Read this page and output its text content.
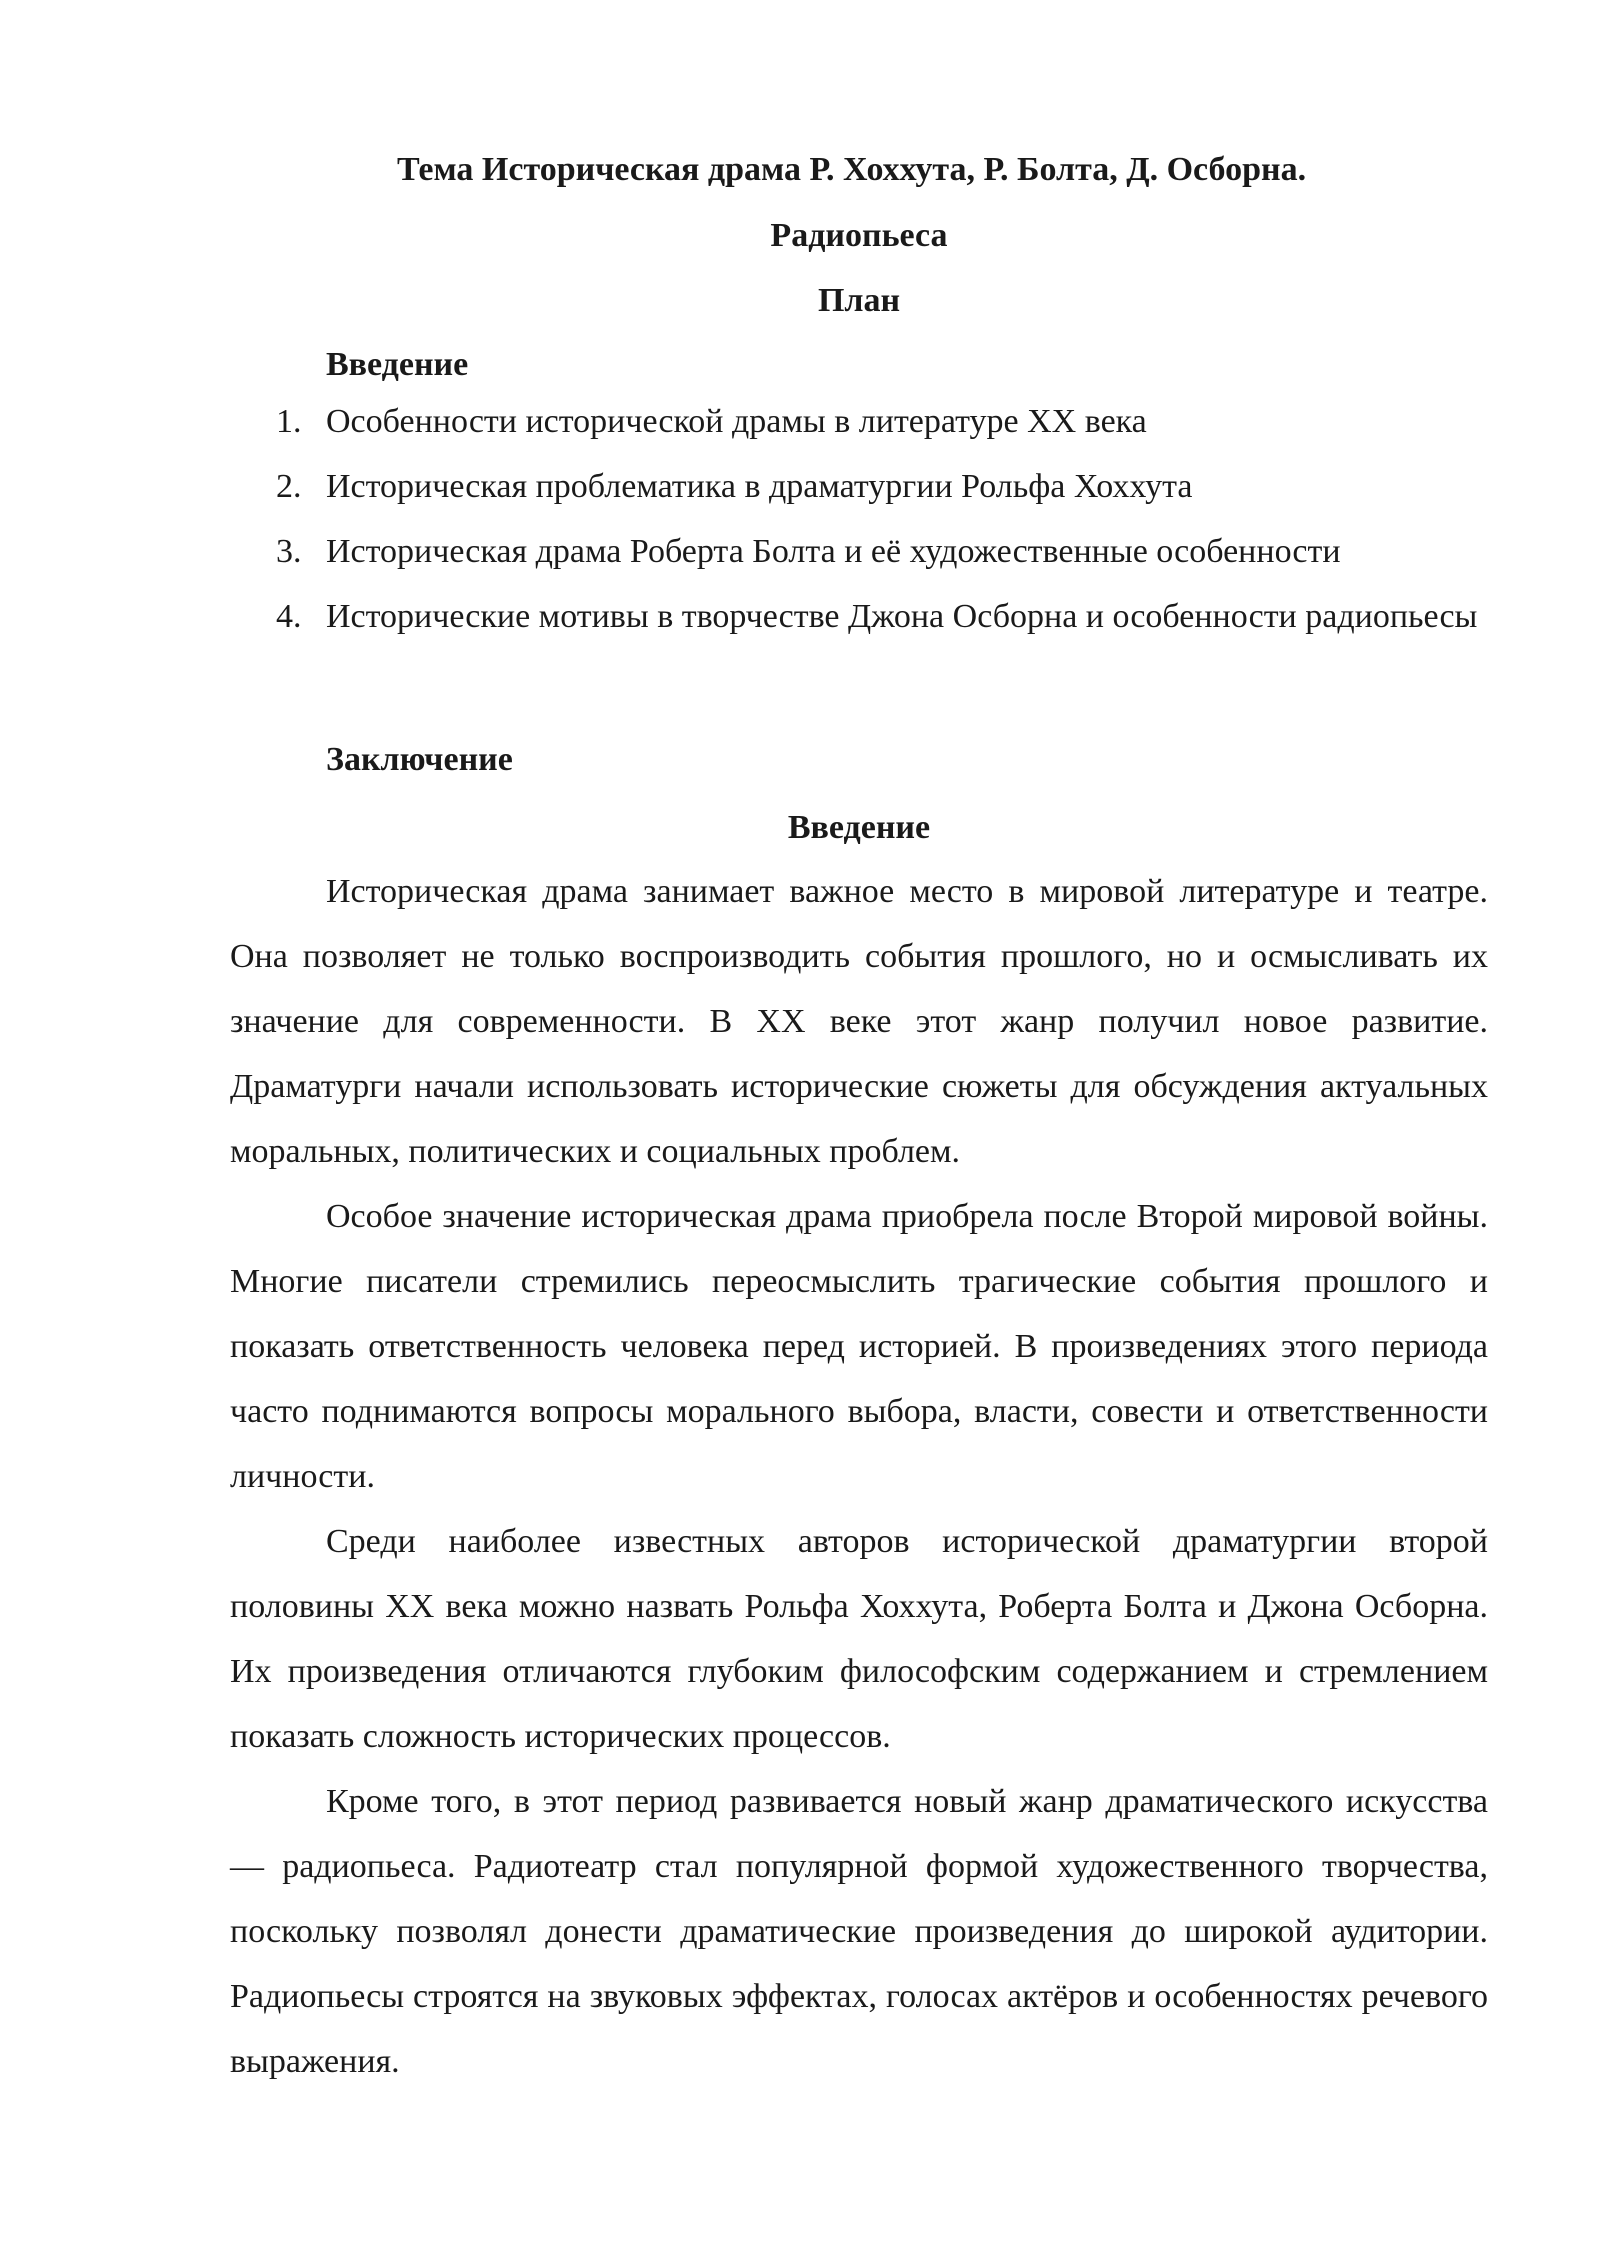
Тема Историческая драма Р. Хоххута, Р. Болта, Д. Осборна.
Радиопьеса
План
Введение
1. Особенности исторической драмы в литературе XX века
2. Историческая проблематика в драматургии Рольфа Хоххута
3. Историческая драма Роберта Болта и её художественные особенности
4. Исторические мотивы в творчестве Джона Осборна и особенности радиопьесы
Заключение
Введение

Историческая драма занимает важное место в мировой литературе и театре. Она позволяет не только воспроизводить события прошлого, но и осмысливать их значение для современности. В XX веке этот жанр получил новое развитие. Драматурги начали использовать исторические сюжеты для обсуждения актуальных моральных, политических и социальных проблем.

Особое значение историческая драма приобрела после Второй мировой войны. Многие писатели стремились переосмыслить трагические события прошлого и показать ответственность человека перед историей. В произведениях этого периода часто поднимаются вопросы морального выбора, власти, совести и ответственности личности.

Среди наиболее известных авторов исторической драматургии второй половины XX века можно назвать Рольфа Хоххута, Роберта Болта и Джона Осборна. Их произведения отличаются глубоким философским содержанием и стремлением показать сложность исторических процессов.

Кроме того, в этот период развивается новый жанр драматического искусства — радиопьеса. Радиотеатр стал популярной формой художественного творчества, поскольку позволял донести драматические произведения до широкой аудитории. Радиопьесы строятся на звуковых эффектах, голосах актёров и особенностях речевого выражения.
